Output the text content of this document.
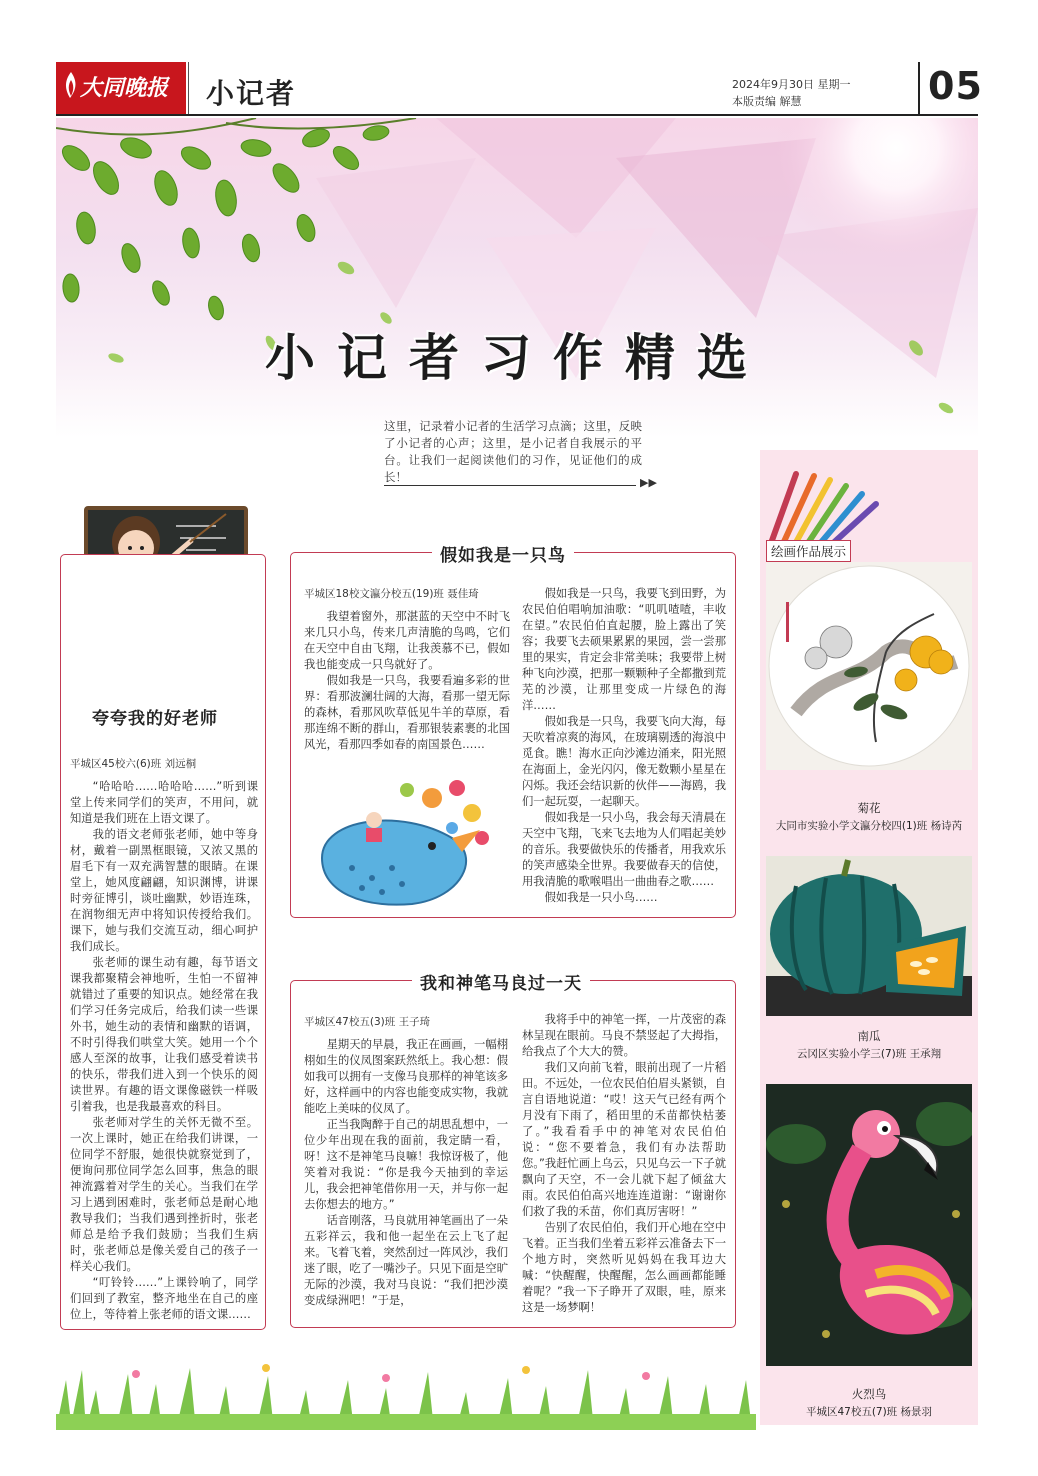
大同晚报	小记者	2024年9月30日 星期一
本版责编 解慧	05
小记者习作精选
这里，记录着小记者的生活学习点滴；这里，反映了小记者的心声；这里，是小记者自我展示的平台。让我们一起阅读他们的习作，见证他们的成长！	▶▶
夸夸我的好老师
平城区45校六(6)班 刘远桐

“哈哈哈……哈哈哈……”听到课堂上传来同学们的笑声，不用问，就知道是我们班在上语文课了。

我的语文老师张老师，她中等身材，戴着一副黑框眼镜，又浓又黑的眉毛下有一双充满智慧的眼睛。在课堂上，她风度翩翩，知识渊博，讲课时旁征博引，谈吐幽默，妙语连珠，在润物细无声中将知识传授给我们。课下，她与我们交流互动，细心呵护我们成长。

张老师的课生动有趣，每节语文课我都聚精会神地听，生怕一不留神就错过了重要的知识点。她经常在我们学习任务完成后，给我们读一些课外书，她生动的表情和幽默的语调，不时引得我们哄堂大笑。她用一个个感人至深的故事，让我们感受着读书的快乐，带我们进入到一个快乐的阅读世界。有趣的语文课像磁铁一样吸引着我，也是我最喜欢的科目。

张老师对学生的关怀无微不至。一次上课时，她正在给我们讲课，一位同学不舒服，她很快就察觉到了，便询问那位同学怎么回事，焦急的眼神流露着对学生的关心。当我们在学习上遇到困难时，张老师总是耐心地教导我们；当我们遇到挫折时，张老师总是给予我们鼓励；当我们生病时，张老师总是像关爱自己的孩子一样关心我们。

“叮铃铃……”上课铃响了，同学们回到了教室，整齐地坐在自己的座位上，等待着上张老师的语文课……

假如我是一只鸟
平城区18校文瀛分校五(19)班 聂佳琦

我望着窗外，那湛蓝的天空中不时飞来几只小鸟，传来几声清脆的鸟鸣，它们在天空中自由飞翔，让我羡慕不已，假如我也能变成一只鸟就好了。

假如我是一只鸟，我要看遍多彩的世界：看那波澜壮阔的大海，看那一望无际的森林，看那风吹草低见牛羊的草原，看那连绵不断的群山，看那银装素裹的北国风光，看那四季如春的南国景色……

假如我是一只鸟，我要飞到田野，为农民伯伯唱响加油歌：“叽叽喳喳，丰收在望。”农民伯伯直起腰，脸上露出了笑容；我要飞去硕果累累的果园，尝一尝那里的果实，肯定会非常美味；我要带上树种飞向沙漠，把那一颗颗种子全都撒到荒芜的沙漠，让那里变成一片绿色的海洋……

假如我是一只鸟，我要飞向大海，每天吹着凉爽的海风，在玻璃剔透的海浪中觅食。瞧！海水正向沙滩边涌来，阳光照在海面上，金光闪闪，像无数颗小星星在闪烁。我还会结识新的伙伴——海鸥，我们一起玩耍，一起聊天。

假如我是一只小鸟，我会每天清晨在天空中飞翔，飞来飞去地为人们唱起美妙的音乐。我要做快乐的传播者，用我欢乐的笑声感染全世界。我要做春天的信使，用我清脆的歌喉唱出一曲曲春之歌……

假如我是一只小鸟……

我和神笔马良过一天
平城区47校五(3)班 王子琦

星期天的早晨，我正在画画，一幅栩栩如生的仪凤图案跃然纸上。我心想：假如我可以拥有一支像马良那样的神笔该多好，这样画中的内容也能变成实物，我就能吃上美味的仪凤了。

正当我陶醉于自己的胡思乱想中，一位少年出现在我的面前，我定睛一看，呀！这不是神笔马良嘛！我惊讶极了，他笑着对我说：“你是我今天抽到的幸运儿，我会把神笔借你用一天，并与你一起去你想去的地方。”

话音刚落，马良就用神笔画出了一朵五彩祥云，我和他一起坐在云上飞了起来。飞着飞着，突然刮过一阵风沙，我们迷了眼，吃了一嘴沙子。只见下面是空旷无际的沙漠，我对马良说：“我们把沙漠变成绿洲吧！”于是，

我将手中的神笔一挥，一片茂密的森林呈现在眼前。马良不禁竖起了大拇指，给我点了个大大的赞。

我们又向前飞着，眼前出现了一片稻田。不远处，一位农民伯伯眉头紧锁，自言自语地说道：“哎！这天气已经有两个月没有下雨了，稻田里的禾苗都快枯萎了。”我看看手中的神笔对农民伯伯说：“您不要着急，我们有办法帮助您。”我赶忙画上乌云，只见乌云一下子就飘向了天空，不一会儿就下起了倾盆大雨。农民伯伯高兴地连连道谢：“谢谢你们救了我的禾苗，你们真厉害呀！”

告别了农民伯伯，我们开心地在空中飞着。正当我们坐着五彩祥云准备去下一个地方时，突然听见妈妈在我耳边大喊：“快醒醒，快醒醒，怎么画画都能睡着呢？”我一下子睁开了双眼，哇，原来这是一场梦啊！

绘画作品展示
菊花
大同市实验小学文瀛分校四(1)班 杨诗芮
南瓜
云冈区实验小学三(7)班 王承翔
火烈鸟
平城区47校五(7)班 杨景羽
